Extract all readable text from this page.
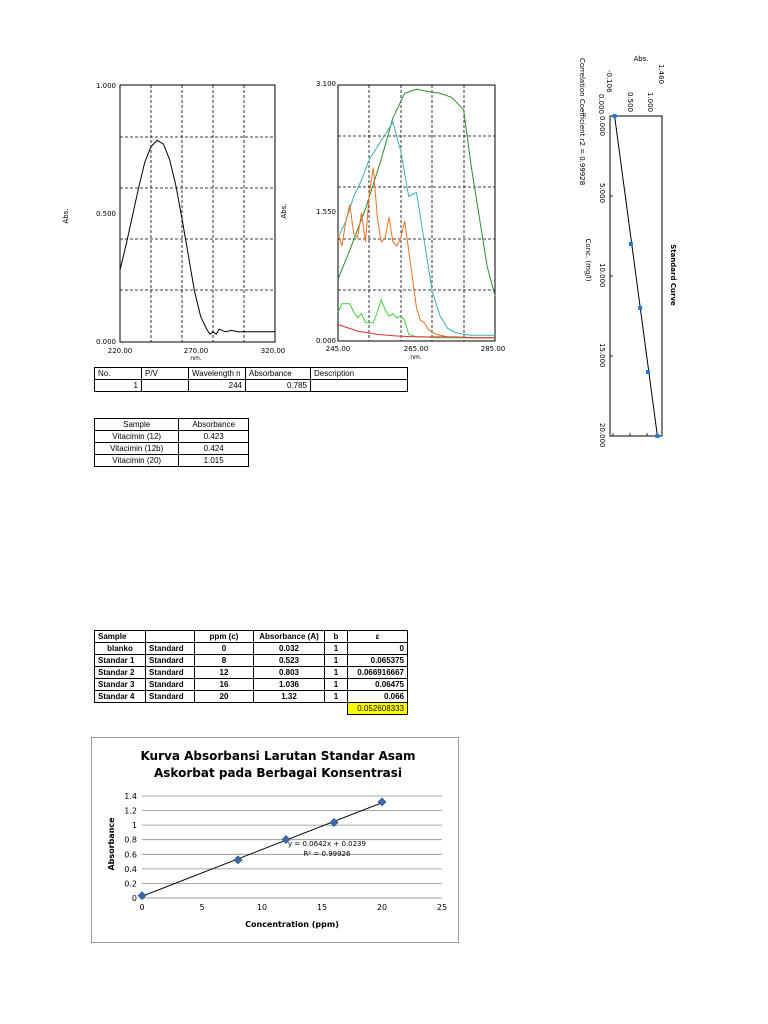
Abs.
1.000
0.500
0.000
220.00	270.00	320.00
nm.
Abs.
3.100
1.550
0.000
245.00	265.00	285.00
nm.
Abs.
-0.106
0.000	0.500 1.000
1.460
Correlation Coefficient r2 = 0.99928
Conc. (mg/l)	Standard Curve
0.000
5.000
10.000
15.000
20.000
No.	P/V	Wavelength n	Absorbance	Description
1		244	0.785	
Sample	Absorbance
Vitacimin (12)	0.423
Vitacimin (12b)	0.424
Vitacimin (20)	1.015
Sample		ppm (c)	Absorbance (A)	b	ε
blanko	Standard	0	0.032	1	0
Standar 1	Standard	8	0.523	1	0.065375
Standar 2	Standard	12	0.803	1	0.066916667
Standar 3	Standard	16	1.036	1	0.06475
Standar 4	Standard	20	1.32	1	0.066
					0.052608333
Kurva Absorbansi Larutan Standar Asam
Askorbat pada Berbagai Konsentrasi
Absorbance
Concentration (ppm)
0
0.2
0.4
0.6
0.8
1
1.2
1.4
0	5	10	15	20	25
y = 0.0642x + 0.0239
R² = 0.99926
